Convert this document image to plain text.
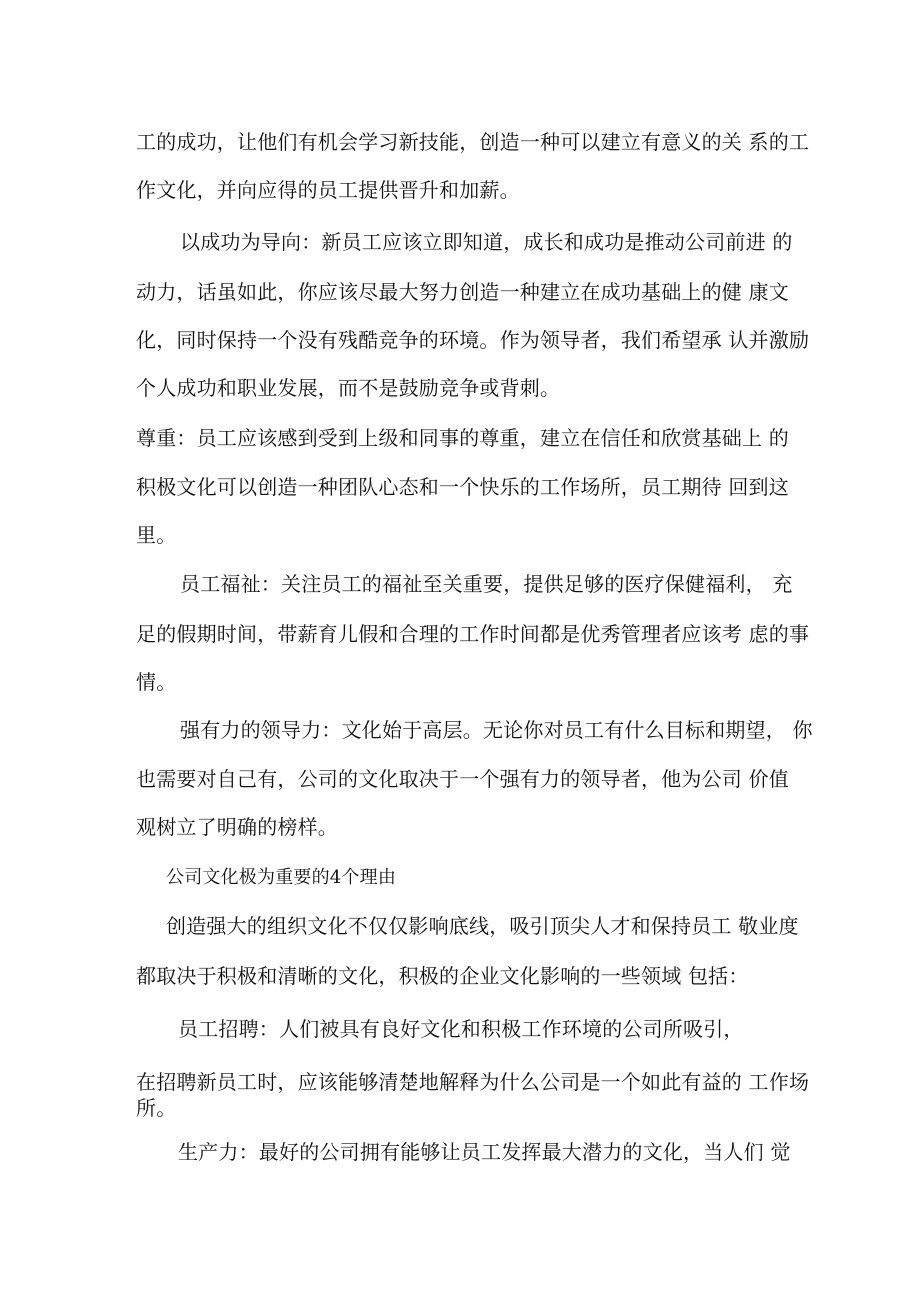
工的成功，让他们有机会学习新技能，创造一种可以建立有意义的关 系的工
作文化，并向应得的员工提供晋升和加薪。
以成功为导向：新员工应该立即知道，成长和成功是推动公司前进 的
动力，话虽如此，你应该尽最大努力创造一种建立在成功基础上的健 康文
化，同时保持一个没有残酷竞争的环境。作为领导者，我们希望承 认并激励
个人成功和职业发展，而不是鼓励竞争或背刺。
尊重：员工应该感到受到上级和同事的尊重，建立在信任和欣赏基础上 的
积极文化可以创造一种团队心态和一个快乐的工作场所，员工期待 回到这
里。
员工福祉：关注员工的福祉至关重要，提供足够的医疗保健福利， 充
足的假期时间，带薪育儿假和合理的工作时间都是优秀管理者应该考 虑的事
情。
强有力的领导力：文化始于高层。无论你对员工有什么目标和期望， 你
也需要对自己有，公司的文化取决于一个强有力的领导者，他为公司 价值
观树立了明确的榜样。
公司文化极为重要的4个理由
创造强大的组织文化不仅仅影响底线，吸引顶尖人才和保持员工 敬业度
都取决于积极和清晰的文化，积极的企业文化影响的一些领域 包括：
员工招聘：人们被具有良好文化和积极工作环境的公司所吸引，
在招聘新员工时，应该能够清楚地解释为什么公司是一个如此有益的 工作场
所。
生产力：最好的公司拥有能够让员工发挥最大潜力的文化，当人们 觉
